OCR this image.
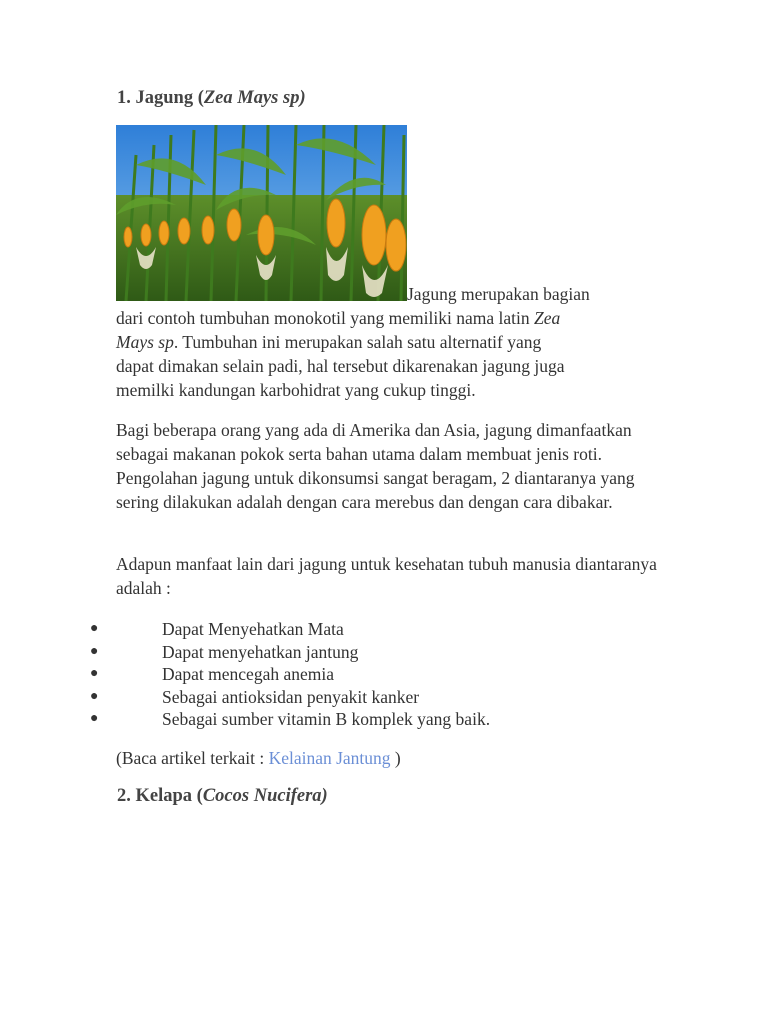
1. Jagung (Zea Mays sp)
Jagung merupakan bagian
dari contoh tumbuhan monokotil yang memiliki nama latin Zea
Mays sp. Tumbuhan ini merupakan salah satu alternatif yang
dapat dimakan selain padi, hal tersebut dikarenakan jagung juga
memilki kandungan karbohidrat yang cukup tinggi.

Bagi beberapa orang yang ada di Amerika dan Asia, jagung dimanfaatkan sebagai makanan pokok serta bahan utama dalam membuat jenis roti. Pengolahan jagung untuk dikonsumsi sangat beragam, 2 diantaranya yang sering dilakukan adalah dengan cara merebus dan dengan cara dibakar.

Adapun manfaat lain dari jagung untuk kesehatan tubuh manusia diantaranya adalah :

●	Dapat Menyehatkan Mata
●	Dapat menyehatkan jantung
●	Dapat mencegah anemia
●	Sebagai antioksidan penyakit kanker
●	Sebagai sumber vitamin B komplek yang baik.

(Baca artikel terkait : Kelainan Jantung )

2. Kelapa (Cocos Nucifera)
